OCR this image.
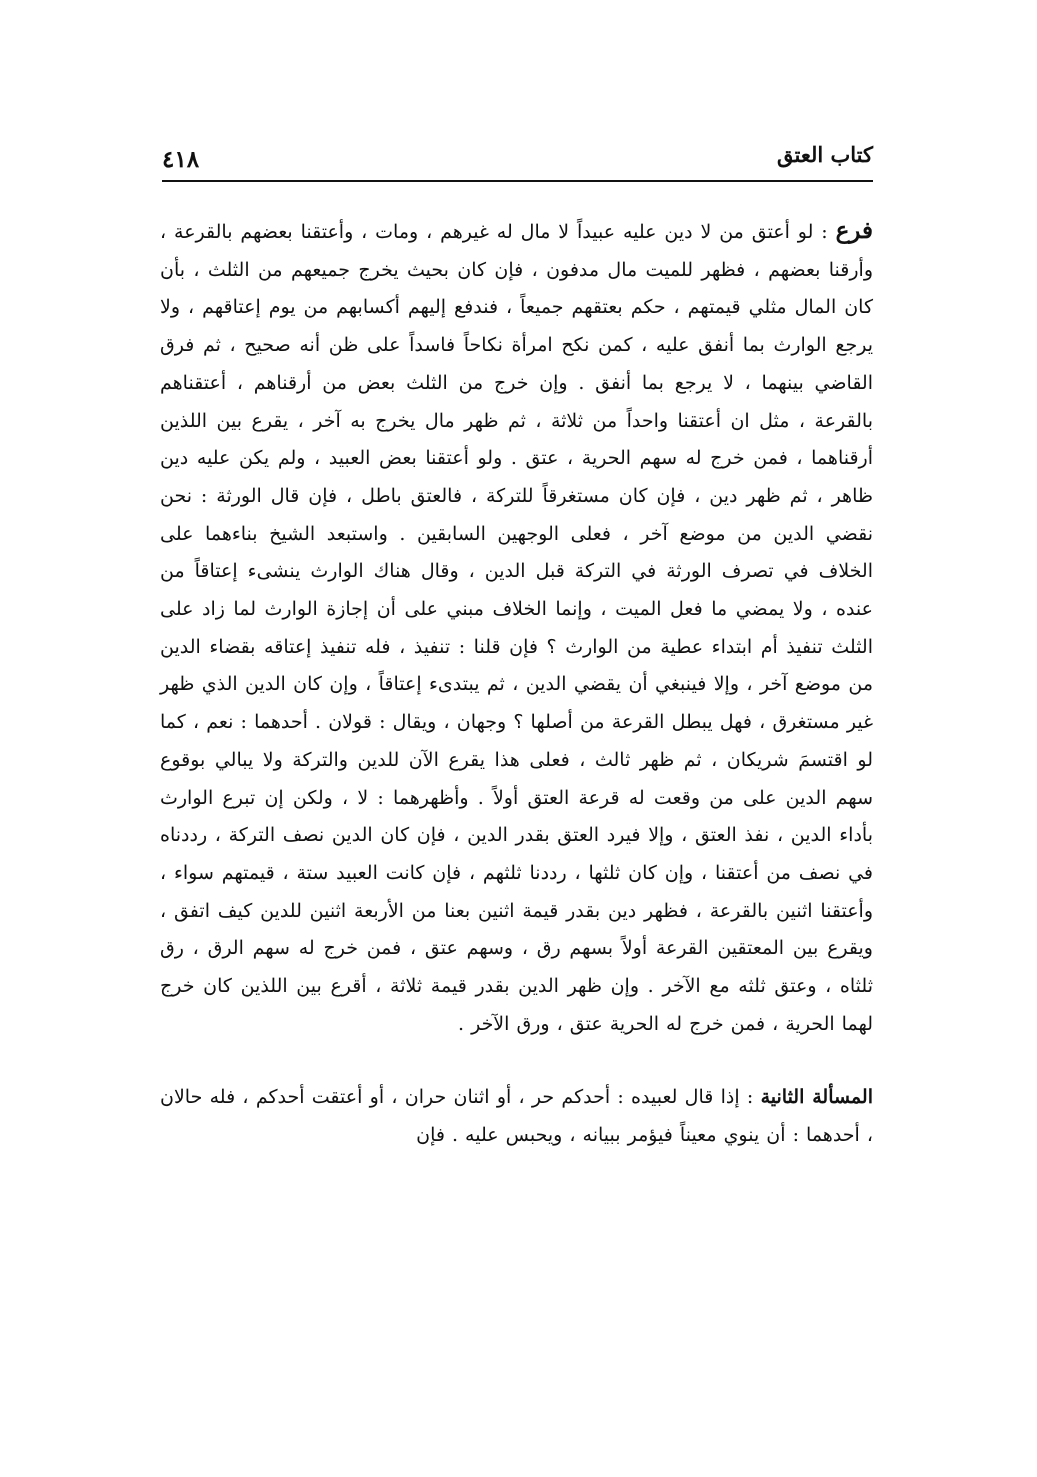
كتاب العتق
٤١٨

فرع : لو أعتق من لا دين عليه عبيداً لا مال له غيرهم ، ومات ، وأعتقنا بعضهم بالقرعة ، وأرقنا بعضهم ، فظهر للميت مال مدفون ، فإن كان بحيث يخرج جميعهم من الثلث ، بأن كان المال مثلي قيمتهم ، حكم بعتقهم جميعاً ، فندفع إليهم أكسابهم من يوم إعتاقهم ، ولا يرجع الوارث بما أنفق عليه ، كمن نكح امرأة نكاحاً فاسداً على ظن أنه صحيح ، ثم فرق القاضي بينهما ، لا يرجع بما أنفق . وإن خرج من الثلث بعض من أرقناهم ، أعتقناهم بالقرعة ، مثل ان أعتقنا واحداً من ثلاثة ، ثم ظهر مال يخرج به آخر ، يقرع بين اللذين أرقناهما ، فمن خرج له سهم الحرية ، عتق . ولو أعتقنا بعض العبيد ، ولم يكن عليه دين ظاهر ، ثم ظهر دين ، فإن كان مستغرقاً للتركة ، فالعتق باطل ، فإن قال الورثة : نحن نقضي الدين من موضع آخر ، فعلى الوجهين السابقين . واستبعد الشيخ بناءهما على الخلاف في تصرف الورثة في التركة قبل الدين ، وقال هناك الوارث ينشىء إعتاقاً من عنده ، ولا يمضي ما فعل الميت ، وإنما الخلاف مبني على أن إجازة الوارث لما زاد على الثلث تنفيذ أم ابتداء عطية من الوارث ؟ فإن قلنا : تنفيذ ، فله تنفيذ إعتاقه بقضاء الدين من موضع آخر ، وإلا فينبغي أن يقضي الدين ، ثم يبتدىء إعتاقاً ، وإن كان الدين الذي ظهر غير مستغرق ، فهل يبطل القرعة من أصلها ؟ وجهان ، ويقال : قولان . أحدهما : نعم ، كما لو اقتسمَ شريكان ، ثم ظهر ثالث ، فعلى هذا يقرع الآن للدين والتركة ولا يبالي بوقوع سهم الدين على من وقعت له قرعة العتق أولاً . وأظهرهما : لا ، ولكن إن تبرع الوارث بأداء الدين ، نفذ العتق ، وإلا فيرد العتق بقدر الدين ، فإن كان الدين نصف التركة ، رددناه في نصف من أعتقنا ، وإن كان ثلثها ، رددنا ثلثهم ، فإن كانت العبيد ستة ، قيمتهم سواء ، وأعتقنا اثنين بالقرعة ، فظهر دين بقدر قيمة اثنين بعنا من الأربعة اثنين للدين كيف اتفق ، ويقرع بين المعتقين القرعة أولاً بسهم رق ، وسهم عتق ، فمن خرج له سهم الرق ، رق ثلثاه ، وعتق ثلثه مع الآخر . وإن ظهر الدين بقدر قيمة ثلاثة ، أقرع بين اللذين كان خرج لهما الحرية ، فمن خرج له الحرية عتق ، ورق الآخر .

المسألة الثانية : إذا قال لعبيده : أحدكم حر ، أو اثنان حران ، أو أعتقت أحدكم ، فله حالان ، أحدهما : أن ينوي معيناً فيؤمر ببيانه ، ويحبس عليه . فإن
